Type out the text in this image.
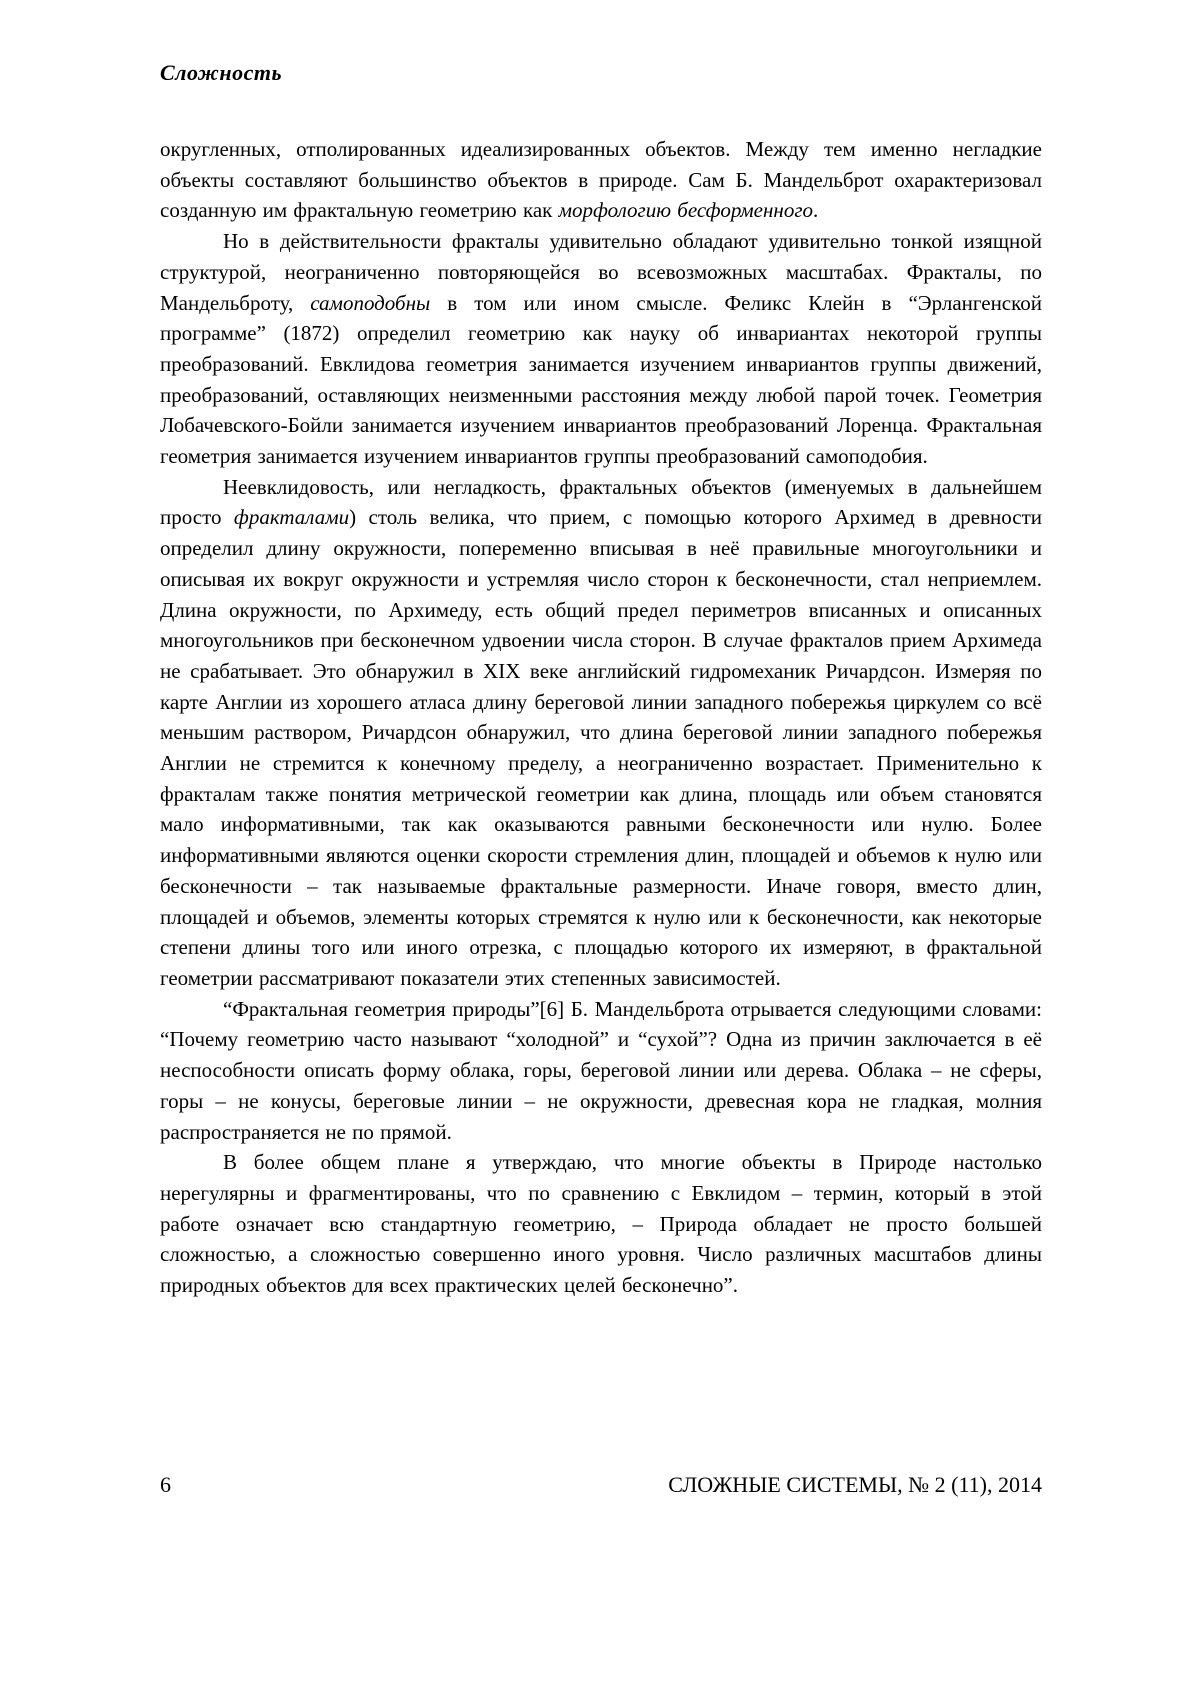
Сложность

округленных, отполированных идеализированных объектов. Между тем именно негладкие объекты составляют большинство объектов в природе. Сам Б. Мандельброт охарактеризовал созданную им фрактальную геометрию как морфологию бесформенного.

Но в действительности фракталы удивительно обладают удивительно тонкой изящной структурой, неограниченно повторяющейся во всевозможных масштабах. Фракталы, по Мандельброту, самоподобны в том или ином смысле. Феликс Клейн в “Эрлангенской программе” (1872) определил геометрию как науку об инвариантах некоторой группы преобразований. Евклидова геометрия занимается изучением инвариантов группы движений, преобразований, оставляющих неизменными расстояния между любой парой точек. Геометрия Лобачевского-Бойли занимается изучением инвариантов преобразований Лоренца. Фрактальная геометрия занимается изучением инвариантов группы преобразований самоподобия.

Неевклидовость, или негладкость, фрактальных объектов (именуемых в дальнейшем просто фракталами) столь велика, что прием, с помощью которого Архимед в древности определил длину окружности, попеременно вписывая в неё правильные многоугольники и описывая их вокруг окружности и устремляя число сторон к бесконечности, стал неприемлем. Длина окружности, по Архимеду, есть общий предел периметров вписанных и описанных многоугольников при бесконечном удвоении числа сторон. В случае фракталов прием Архимеда не срабатывает. Это обнаружил в XIX веке английский гидромеханик Ричардсон. Измеряя по карте Англии из хорошего атласа длину береговой линии западного побережья циркулем со всё меньшим раствором, Ричардсон обнаружил, что длина береговой линии западного побережья Англии не стремится к конечному пределу, а неограниченно возрастает. Применительно к фракталам также понятия метрической геометрии как длина, площадь или объем становятся мало информативными, так как оказываются равными бесконечности или нулю. Более информативными являются оценки скорости стремления длин, площадей и объемов к нулю или бесконечности – так называемые фрактальные размерности. Иначе говоря, вместо длин, площадей и объемов, элементы которых стремятся к нулю или к бесконечности, как некоторые степени длины того или иного отрезка, с площадью которого их измеряют, в фрактальной геометрии рассматривают показатели этих степенных зависимостей.

“Фрактальная геометрия природы”[6] Б. Мандельброта отрывается следующими словами: “Почему геометрию часто называют “холодной” и “сухой”? Одна из причин заключается в её неспособности описать форму облака, горы, береговой линии или дерева. Облака – не сферы, горы – не конусы, береговые линии – не окружности, древесная кора не гладкая, молния распространяется не по прямой.

В более общем плане я утверждаю, что многие объекты в Природе настолько нерегулярны и фрагментированы, что по сравнению с Евклидом – термин, который в этой работе означает всю стандартную геометрию, – Природа обладает не просто большей сложностью, а сложностью совершенно иного уровня. Число различных масштабов длины природных объектов для всех практических целей бесконечно”.

6	СЛОЖНЫЕ СИСТЕМЫ, № 2 (11), 2014
